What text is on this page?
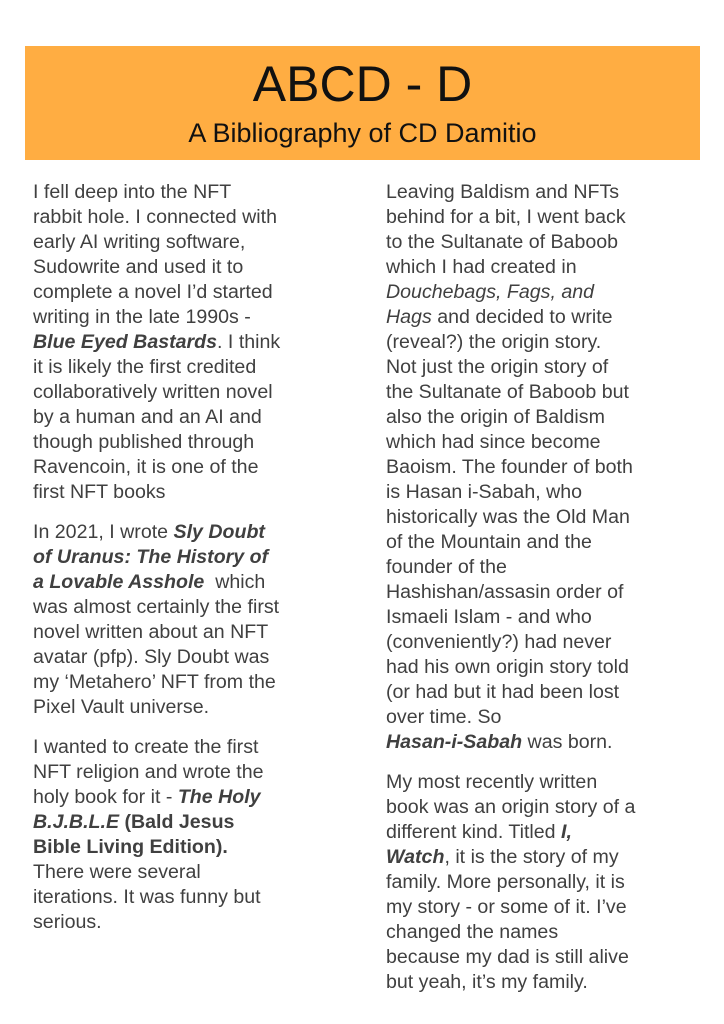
ABCD - D
A Bibliography of CD Damitio

I fell deep into the NFT
rabbit hole. I connected with
early AI writing software,
Sudowrite and used it to
complete a novel I’d started
writing in the late 1990s -
Blue Eyed Bastards. I think
it is likely the first credited
collaboratively written novel
by a human and an AI and
though published through
Ravencoin, it is one of the
first NFT books

In 2021, I wrote Sly Doubt
of Uranus: The History of
a Lovable Asshole  which
was almost certainly the first
novel written about an NFT
avatar (pfp). Sly Doubt was
my ‘Metahero’ NFT from the
Pixel Vault universe.

I wanted to create the first
NFT religion and wrote the
holy book for it - The Holy
B.J.B.L.E (Bald Jesus
Bible Living Edition).
There were several
iterations. It was funny but
serious.

Leaving Baldism and NFTs
behind for a bit, I went back
to the Sultanate of Baboob
which I had created in
Douchebags, Fags, and
Hags and decided to write
(reveal?) the origin story.
Not just the origin story of
the Sultanate of Baboob but
also the origin of Baldism
which had since become
Baoism. The founder of both
is Hasan i-Sabah, who
historically was the Old Man
of the Mountain and the
founder of the
Hashishan/assasin order of
Ismaeli Islam - and who
(conveniently?) had never
had his own origin story told
(or had but it had been lost
over time. So
Hasan-i-Sabah was born.

My most recently written
book was an origin story of a
different kind. Titled I,
Watch, it is the story of my
family. More personally, it is
my story - or some of it. I’ve
changed the names
because my dad is still alive
but yeah, it’s my family.
